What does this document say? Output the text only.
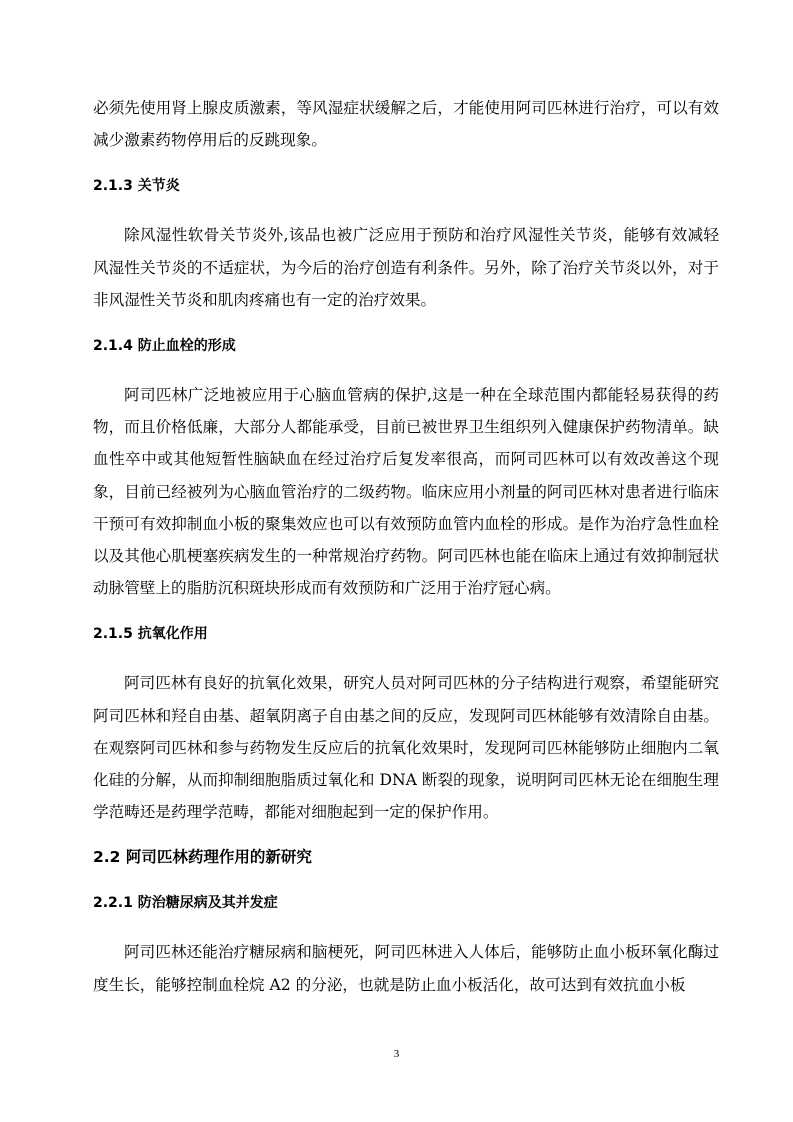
必须先使用肾上腺皮质激素，等风湿症状缓解之后，才能使用阿司匹林进行治疗，可以有效减少激素药物停用后的反跳现象。

2.1.3 关节炎

除风湿性软骨关节炎外,该品也被广泛应用于预防和治疗风湿性关节炎，能够有效减轻风湿性关节炎的不适症状，为今后的治疗创造有利条件。另外，除了治疗关节炎以外，对于非风湿性关节炎和肌肉疼痛也有一定的治疗效果。

2.1.4 防止血栓的形成

阿司匹林广泛地被应用于心脑血管病的保护,这是一种在全球范围内都能轻易获得的药物，而且价格低廉，大部分人都能承受，目前已被世界卫生组织列入健康保护药物清单。缺血性卒中或其他短暂性脑缺血在经过治疗后复发率很高，而阿司匹林可以有效改善这个现象，目前已经被列为心脑血管治疗的二级药物。临床应用小剂量的阿司匹林对患者进行临床干预可有效抑制血小板的聚集效应也可以有效预防血管内血栓的形成。是作为治疗急性血栓以及其他心肌梗塞疾病发生的一种常规治疗药物。阿司匹林也能在临床上通过有效抑制冠状动脉管壁上的脂肪沉积斑块形成而有效预防和广泛用于治疗冠心病。

2.1.5 抗氧化作用

阿司匹林有良好的抗氧化效果，研究人员对阿司匹林的分子结构进行观察，希望能研究阿司匹林和羟自由基、超氧阴离子自由基之间的反应，发现阿司匹林能够有效清除自由基。在观察阿司匹林和参与药物发生反应后的抗氧化效果时，发现阿司匹林能够防止细胞内二氧化硅的分解，从而抑制细胞脂质过氧化和 DNA 断裂的现象，说明阿司匹林无论在细胞生理学范畴还是药理学范畴，都能对细胞起到一定的保护作用。

2.2 阿司匹林药理作用的新研究
2.2.1 防治糖尿病及其并发症

阿司匹林还能治疗糖尿病和脑梗死，阿司匹林进入人体后，能够防止血小板环氧化酶过度生长，能够控制血栓烷 A2 的分泌，也就是防止血小板活化，故可达到有效抗血小板

3
